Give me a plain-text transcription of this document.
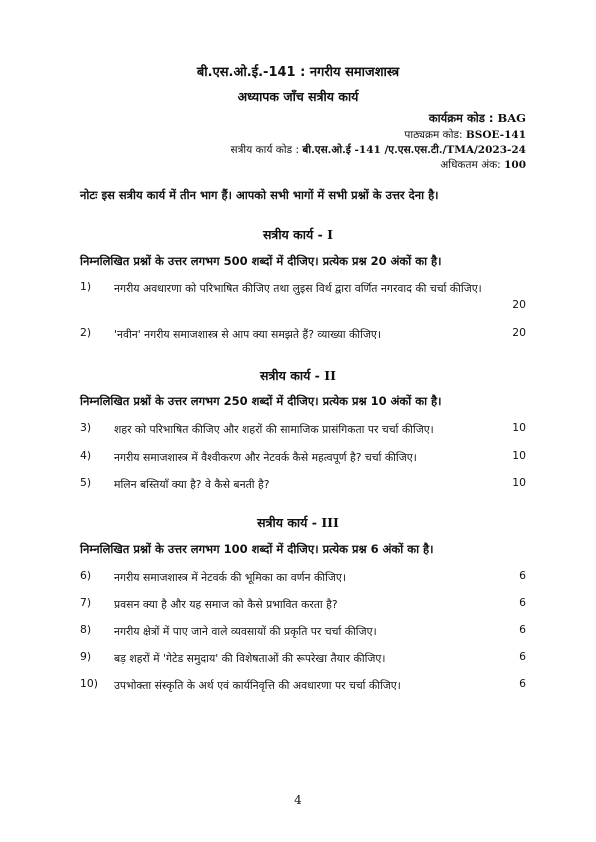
बी.एस.ओ.ई.-141 : नगरीय समाजशास्त्र
अध्यापक जाँच सत्रीय कार्य
कार्यक्रम कोड : BAG
पाठ्यक्रम कोड: BSOE-141
सत्रीय कार्य कोड : बी.एस.ओ.ई -141 /ए.एस.एस.टी./TMA/2023-24
अधिकतम अंक: 100
नोटः इस सत्रीय कार्य में तीन भाग हैं। आपको सभी भागों में सभी प्रश्नों के उत्तर देना है।
सत्रीय कार्य - I
निम्नलिखित प्रश्नों के उत्तर लगभग 500 शब्दों में दीजिए। प्रत्येक प्रश्न 20 अंकों का है।
1) नगरीय अवधारणा को परिभाषित कीजिए तथा लुइस विर्थ द्वारा वर्णित नगरवाद की चर्चा कीजिए।
20
2) 'नवीन' नगरीय समाजशास्त्र से आप क्या समझते हैं? व्याख्या कीजिए।	20
सत्रीय कार्य - II
निम्नलिखित प्रश्नों के उत्तर लगभग 250 शब्दों में दीजिए। प्रत्येक प्रश्न 10 अंकों का है।
3) शहर को परिभाषित कीजिए और शहरों की सामाजिक प्रासंगिकता पर चर्चा कीजिए।	10
4) नगरीय समाजशास्त्र में वैश्वीकरण और नेटवर्क कैसे महत्वपूर्ण है? चर्चा कीजिए।	10
5) मलिन बस्तियाँ क्या है? वे कैसे बनती है?	10
सत्रीय कार्य - III
निम्नलिखित प्रश्नों के उत्तर लगभग 100 शब्दों में दीजिए। प्रत्येक प्रश्न 6 अंकों का है।
6) नगरीय समाजशास्त्र में नेटवर्क की भूमिका का वर्णन कीजिए।	6
7) प्रवसन क्या है और यह समाज को कैसे प्रभावित करता है?	6
8) नगरीय क्षेत्रों में पाए जाने वाले व्यवसायों की प्रकृति पर चर्चा कीजिए।	6
9) बड़ शहरों में 'गेटेड समुदाय' की विशेषताओं की रूपरेखा तैयार कीजिए।	6
10) उपभोक्ता संस्कृति के अर्थ एवं कार्यनिवृत्ति की अवधारणा पर चर्चा कीजिए।	6
4
